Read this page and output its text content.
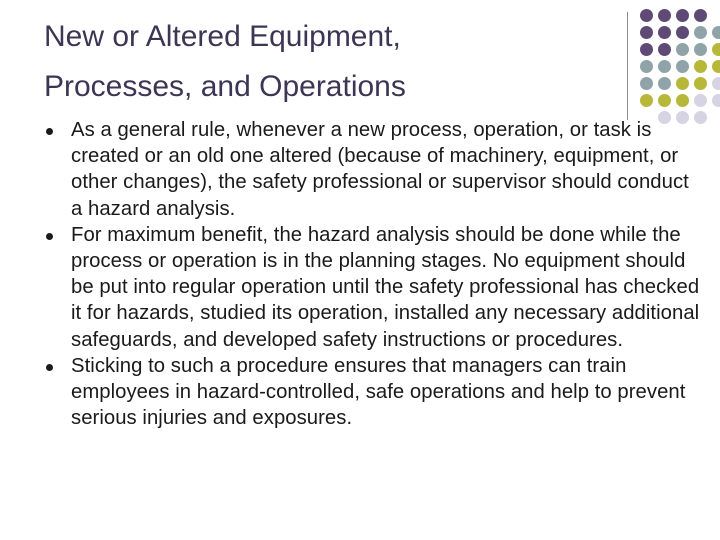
New or Altered Equipment,
Processes, and Operations
As a general rule, whenever a new process, operation, or task is created or an old one altered (because of machinery, equipment, or other changes), the safety professional or supervisor should conduct a hazard analysis.
For maximum benefit, the hazard analysis should be done while the process or operation is in the planning stages. No equipment should be put into regular operation until the safety professional has checked it for hazards, studied its operation, installed any necessary additional safeguards, and developed safety instructions or procedures.
Sticking to such a procedure ensures that managers can train employees in hazard-controlled, safe operations and help to prevent serious injuries and exposures.
